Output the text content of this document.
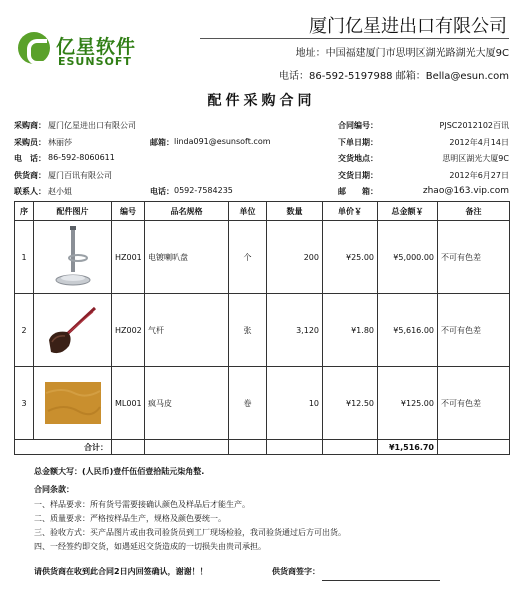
亿星软件
ESUNSOFT
厦门亿星进出口有限公司
地址：中国福建厦门市思明区湖光路湖光大厦9C
电话：86-592-5197988 邮箱：Bella@esun.com
配件采购合同
采购商： 厦门亿星进出口有限公司	合同编号：	PJSC2012102百讯
采购员： 林丽莎	邮箱： linda091@esunsoft.com	下单日期：	2012年4月14日
电　话： 86-592-8060611	交货地点：	思明区湖光大厦9C
供货商： 厦门百讯有限公司	交货日期：	2012年6月27日
联系人： 赵小姐	电话： 0592-7584235	邮　　箱：	zhao@163.vip.com
序	配件图片	编号	品名规格	单位	数量	单价￥	总金额￥	备注
1		HZ001	电镀喇叭盘	个	200	¥25.00	¥5,000.00	不可有色差
2		HZ002	气杆	张	3,120	¥1.80	¥5,616.00	不可有色差
3		ML001	疯马皮	卷	10	¥12.50	¥125.00	不可有色差
合计：							¥1,516.70	
总金额大写：(人民币)壹仟伍佰壹拾陆元柒角整.
合同条款：
一、样品要求：所有货号需要接确认颜色及样品后才能生产。
二、质量要求：严格按样品生产，规格及颜色要统一。
三、验收方式：买产品图片或由我司验货员到工厂现场检验，我司验货通过后方可出货。
四、一经签约即交货，如遇延迟交货造成的一切损失由贵司承担。
请供货商在收到此合同2日内回签确认，谢谢！！	供货商签字：
